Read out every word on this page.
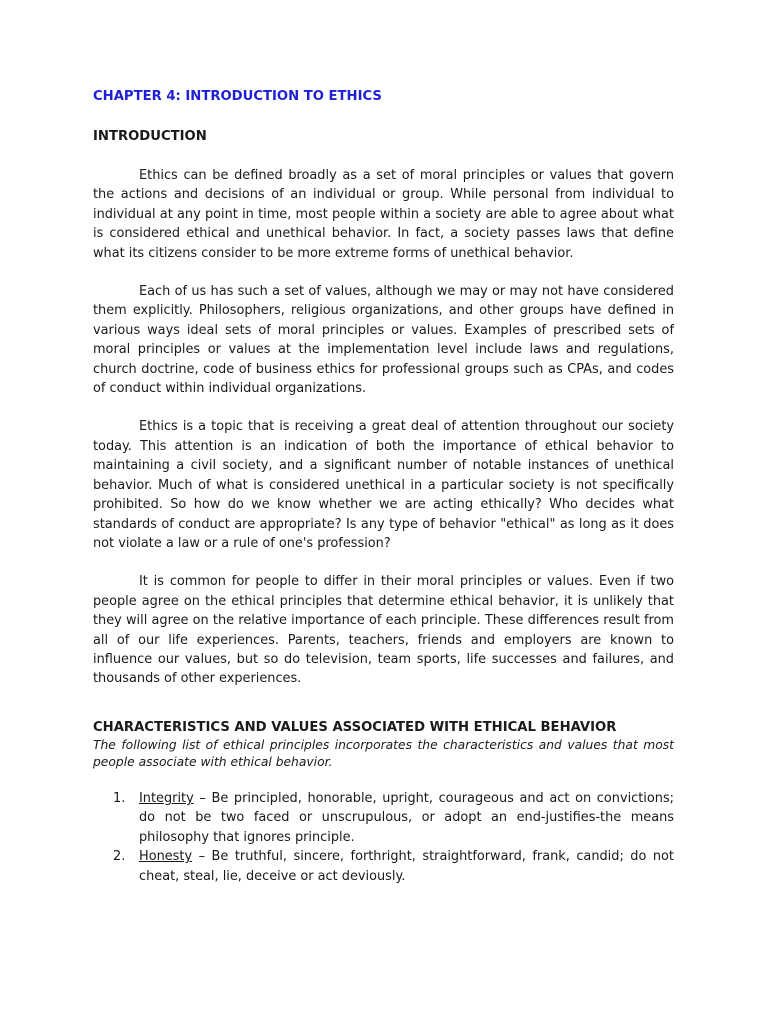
CHAPTER 4: INTRODUCTION TO ETHICS
INTRODUCTION

Ethics can be defined broadly as a set of moral principles or values that govern the actions and decisions of an individual or group. While personal from individual to individual at any point in time, most people within a society are able to agree about what is considered ethical and unethical behavior. In fact, a society passes laws that define what its citizens consider to be more extreme forms of unethical behavior.

Each of us has such a set of values, although we may or may not have considered them explicitly. Philosophers, religious organizations, and other groups have defined in various ways ideal sets of moral principles or values. Examples of prescribed sets of moral principles or values at the implementation level include laws and regulations, church doctrine, code of business ethics for professional groups such as CPAs, and codes of conduct within individual organizations.

Ethics is a topic that is receiving a great deal of attention throughout our society today. This attention is an indication of both the importance of ethical behavior to maintaining a civil society, and a significant number of notable instances of unethical behavior. Much of what is considered unethical in a particular society is not specifically prohibited. So how do we know whether we are acting ethically? Who decides what standards of conduct are appropriate? Is any type of behavior "ethical" as long as it does not violate a law or a rule of one's profession?

It is common for people to differ in their moral principles or values. Even if two people agree on the ethical principles that determine ethical behavior, it is unlikely that they will agree on the relative importance of each principle. These differences result from all of our life experiences. Parents, teachers, friends and employers are known to influence our values, but so do television, team sports, life successes and failures, and thousands of other experiences.

CHARACTERISTICS AND VALUES ASSOCIATED WITH ETHICAL BEHAVIOR

The following list of ethical principles incorporates the characteristics and values that most people associate with ethical behavior.

1. Integrity – Be principled, honorable, upright, courageous and act on convictions; do not be two faced or unscrupulous, or adopt an end-justifies-the means philosophy that ignores principle.
2. Honesty – Be truthful, sincere, forthright, straightforward, frank, candid; do not cheat, steal, lie, deceive or act deviously.
